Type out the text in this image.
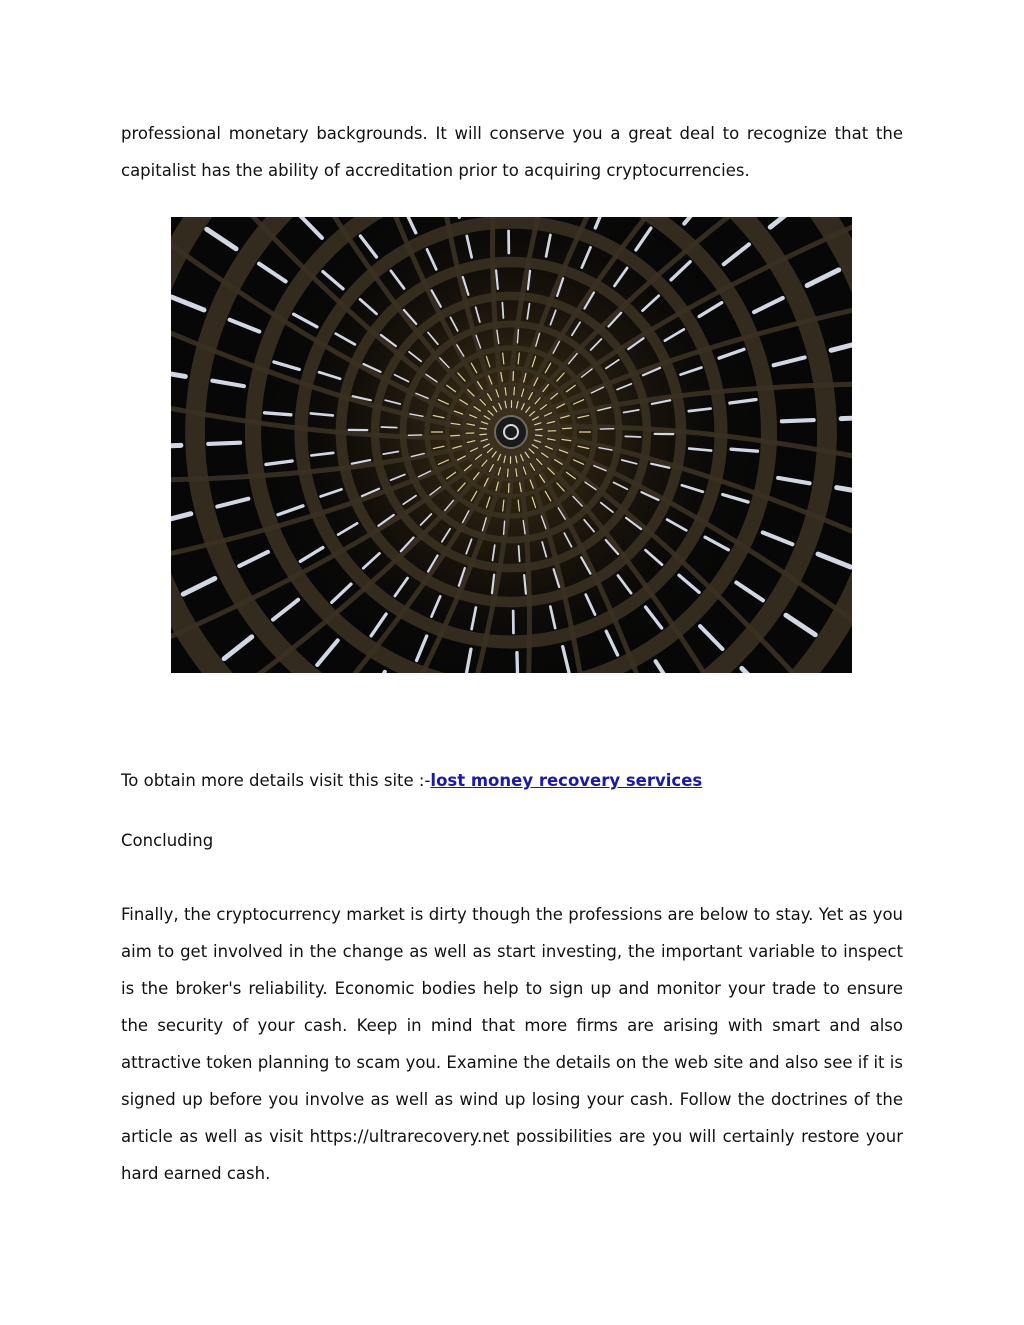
professional monetary backgrounds. It will conserve you a great deal to recognize that the capitalist has the ability of accreditation prior to acquiring cryptocurrencies.

To obtain more details visit this site :-lost money recovery services

Concluding

Finally, the cryptocurrency market is dirty though the professions are below to stay. Yet as you aim to get involved in the change as well as start investing, the important variable to inspect is the broker's reliability. Economic bodies help to sign up and monitor your trade to ensure the security of your cash. Keep in mind that more firms are arising with smart and also attractive token planning to scam you. Examine the details on the web site and also see if it is signed up before you involve as well as wind up losing your cash. Follow the doctrines of the article as well as visit https://ultrarecovery.net possibilities are you will certainly restore your hard earned cash.
